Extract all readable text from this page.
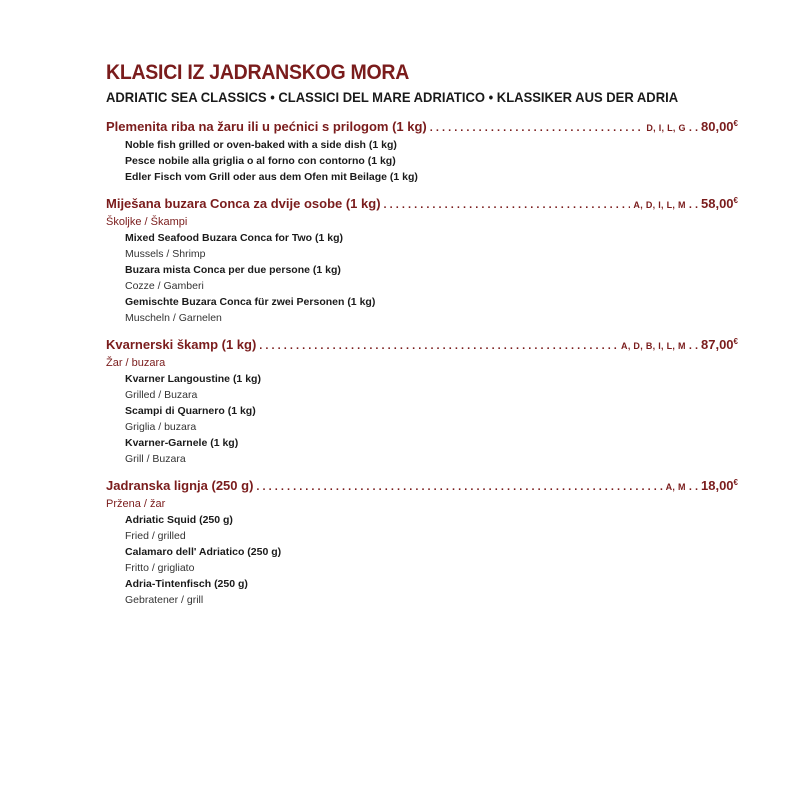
KLASICI IZ JADRANSKOG MORA
ADRIATIC SEA CLASSICS • CLASSICI DEL MARE ADRIATICO • KLASSIKER AUS DER ADRIA
Plemenita riba na žaru ili u pećnici s prilogom (1 kg) . . .	D, I, L, G . . 80,00€

Noble fish grilled or oven-baked with a side dish (1 kg)

Pesce nobile alla griglia o al forno con contorno (1 kg)

Edler Fisch vom Grill oder aus dem Ofen mit Beilage (1 kg)

Miješana buzara Conca za dvije osobe (1 kg) . . .	A, D, I, L, M . . 58,00€

Školjke / Škampi

Mixed Seafood Buzara Conca for Two (1 kg)

Mussels / Shrimp

Buzara mista Conca per due persone (1 kg)

Cozze / Gamberi

Gemischte Buzara Conca für zwei Personen (1 kg)

Muscheln / Garnelen

Kvarnerski škamp (1 kg) . . .	A, D, B, I, L, M . . 87,00€

Žar / buzara

Kvarner Langoustine (1 kg)

Grilled / Buzara

Scampi di Quarnero (1 kg)

Griglia / buzara

Kvarner-Garnele (1 kg)

Grill / Buzara

Jadranska lignja (250 g) . . .	A, M . . 18,00€

Pržena / žar

Adriatic Squid (250 g)

Fried / grilled

Calamaro dell' Adriatico (250 g)

Fritto / grigliato

Adria-Tintenfisch (250 g)

Gebratener / grill
